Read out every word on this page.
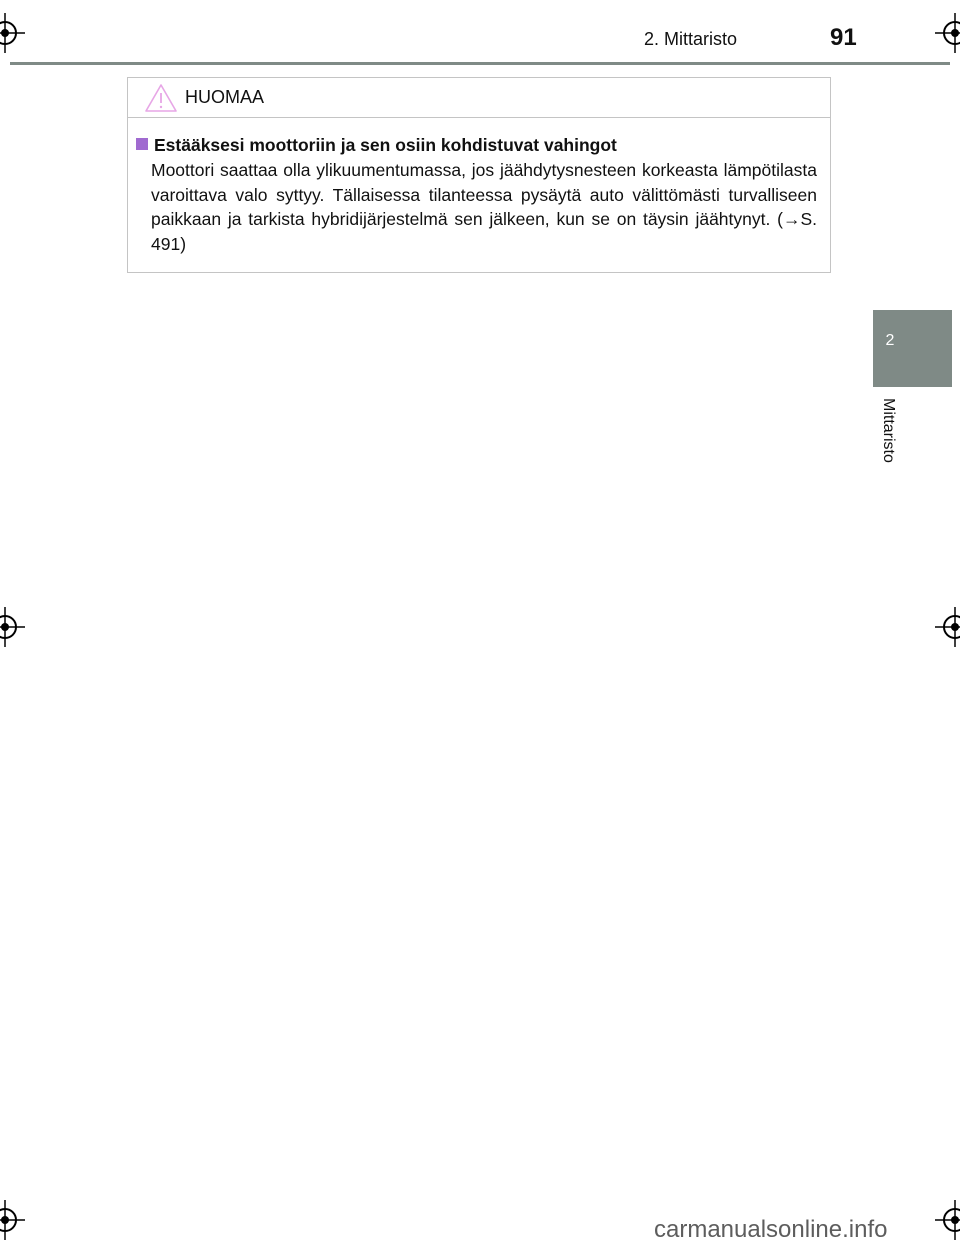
2. Mittaristo	91
2
Mittaristo
HUOMAA
Estääksesi moottoriin ja sen osiin kohdistuvat vahingot
Moottori saattaa olla ylikuumentumassa, jos jäähdytysnesteen korkeasta lämpötilasta varoittava valo syttyy. Tällaisessa tilanteessa pysäytä auto välittömästi turvalliseen paikkaan ja tarkista hybridijärjestelmä sen jälkeen, kun se on täysin jäähtynyt. (→S. 491)
carmanualsonline.info
